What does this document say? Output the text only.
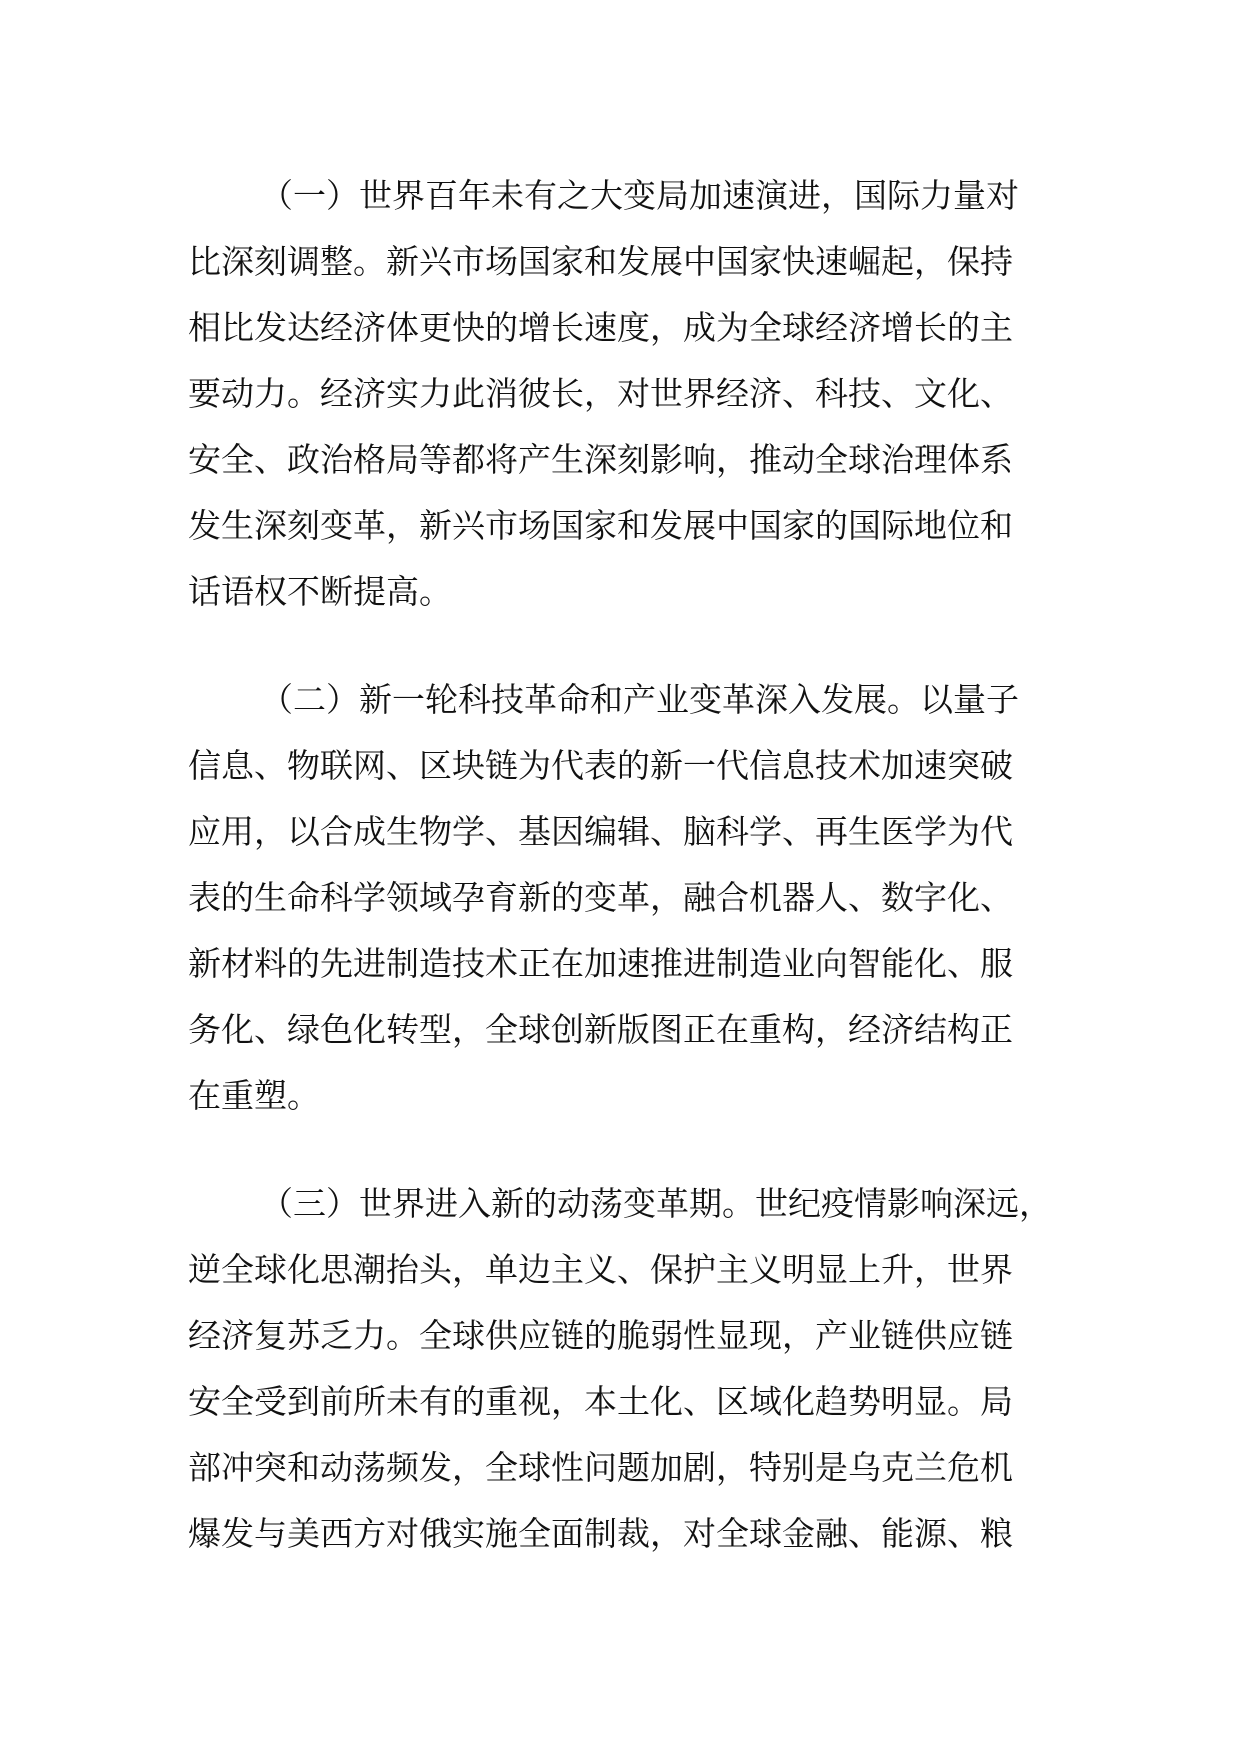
（一）世界百年未有之大变局加速演进，国际力量对
比深刻调整。新兴市场国家和发展中国家快速崛起，保持
相比发达经济体更快的增长速度，成为全球经济增长的主
要动力。经济实力此消彼长，对世界经济、科技、文化、
安全、政治格局等都将产生深刻影响，推动全球治理体系
发生深刻变革，新兴市场国家和发展中国家的国际地位和
话语权不断提高。
（二）新一轮科技革命和产业变革深入发展。以量子
信息、物联网、区块链为代表的新一代信息技术加速突破
应用，以合成生物学、基因编辑、脑科学、再生医学为代
表的生命科学领域孕育新的变革，融合机器人、数字化、
新材料的先进制造技术正在加速推进制造业向智能化、服
务化、绿色化转型，全球创新版图正在重构，经济结构正
在重塑。
（三）世界进入新的动荡变革期。世纪疫情影响深远，
逆全球化思潮抬头，单边主义、保护主义明显上升，世界
经济复苏乏力。全球供应链的脆弱性显现，产业链供应链
安全受到前所未有的重视，本土化、区域化趋势明显。局
部冲突和动荡频发，全球性问题加剧，特别是乌克兰危机
爆发与美西方对俄实施全面制裁，对全球金融、能源、粮
